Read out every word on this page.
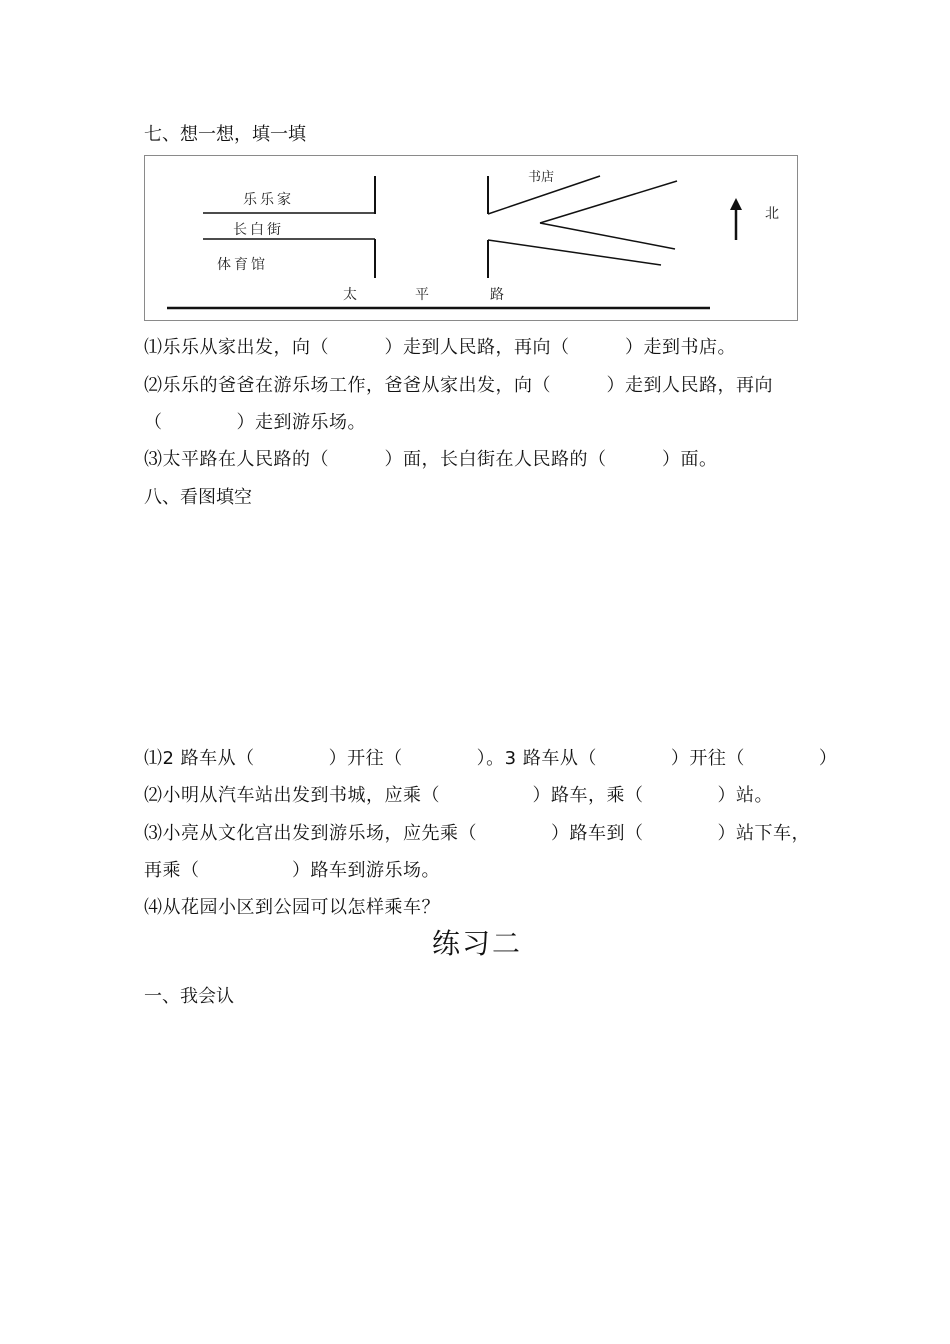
七、想一想，填一填
乐乐家
长白街
体育馆
书店
北
太	平	路
⑴乐乐从家出发，向（　　　）走到人民路，再向（　　　）走到书店。
⑵乐乐的爸爸在游乐场工作，爸爸从家出发，向（　　　）走到人民路，再向
（　　　　）走到游乐场。
⑶太平路在人民路的（　　　）面，长白街在人民路的（　　　）面。
八、看图填空
⑴2 路车从（　　　　）开往（　　　　）。3 路车从（　　　　）开往（　　　　）
⑵小明从汽车站出发到书城，应乘（　　　　　）路车，乘（　　　　）站。
⑶小亮从文化宫出发到游乐场，应先乘（　　　　）路车到（　　　　）站下车，
再乘（　　　　　）路车到游乐场。
⑷从花园小区到公园可以怎样乘车？
练习二
一、我会认
